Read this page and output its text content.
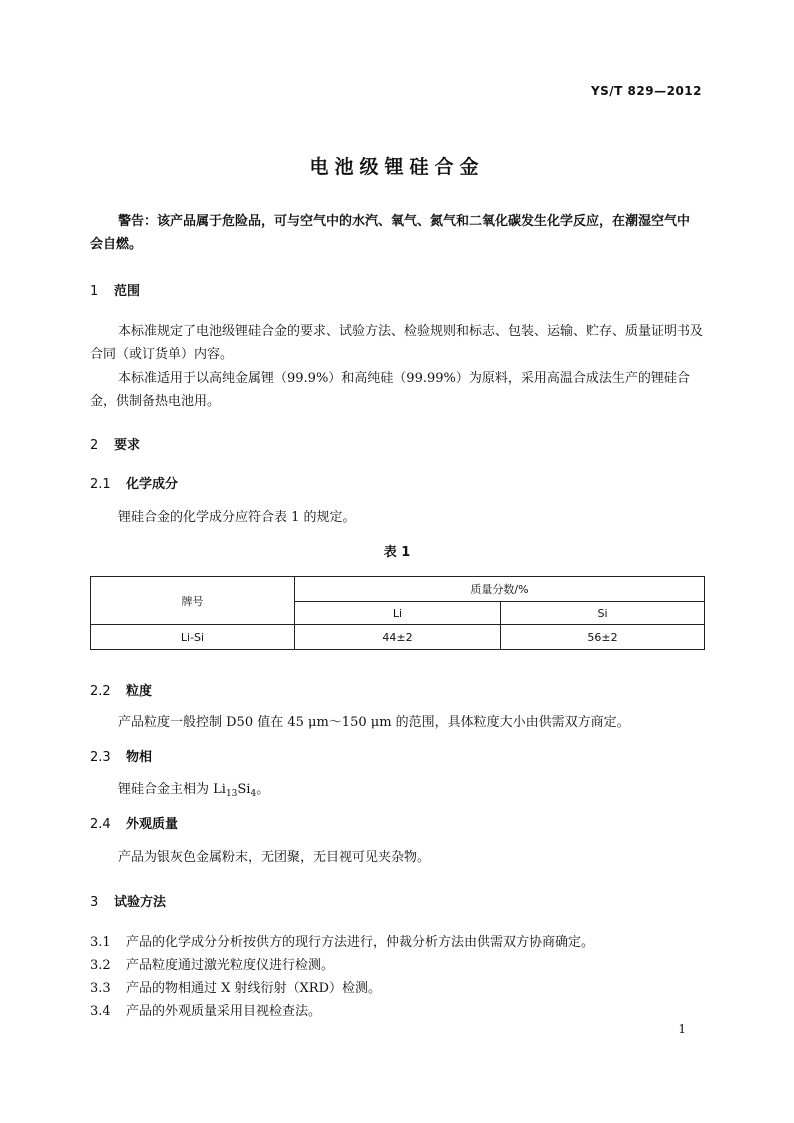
YS/T 829—2012
电池级锂硅合金
警告：该产品属于危险品，可与空气中的水汽、氧气、氮气和二氧化碳发生化学反应，在潮湿空气中
会自燃。
1 范围
本标准规定了电池级锂硅合金的要求、试验方法、检验规则和标志、包装、运输、贮存、质量证明书及
合同（或订货单）内容。
本标准适用于以高纯金属锂（99.9%）和高纯硅（99.99%）为原料，采用高温合成法生产的锂硅合
金，供制备热电池用。
2 要求
2.1 化学成分
锂硅合金的化学成分应符合表 1 的规定。
表 1
牌号	质量分数/%	
	Li	Si
Li-Si	44±2	56±2
2.2 粒度
产品粒度一般控制 D50 值在 45 μm～150 μm 的范围，具体粒度大小由供需双方商定。
2.3 物相
锂硅合金主相为 $Li_{13}Si_4$。
2.4 外观质量
产品为银灰色金属粉末，无团聚，无目视可见夹杂物。
3 试验方法
3.1 产品的化学成分分析按供方的现行方法进行，仲裁分析方法由供需双方协商确定。
3.2 产品粒度通过激光粒度仪进行检测。
3.3 产品的物相通过 X 射线衍射（XRD）检测。
3.4 产品的外观质量采用目视检查法。
1
